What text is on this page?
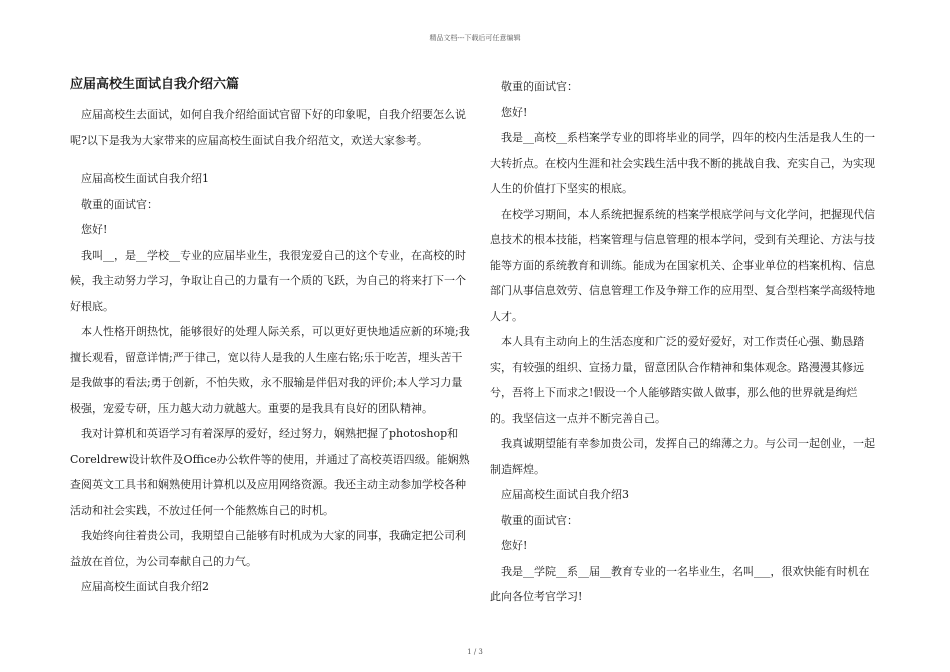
精品文档---下载后可任意编辑
应届高校生面试自我介绍六篇

应届高校生去面试，如何自我介绍给面试官留下好的印象呢，自我介绍要怎么说呢?以下是我为大家带来的应届高校生面试自我介绍范文，欢送大家参考。

应届高校生面试自我介绍1

敬重的面试官：

您好!

我叫__，是__学校__专业的应届毕业生，我很宠爱自己的这个专业，在高校的时候，我主动努力学习，争取让自己的力量有一个质的飞跃，为自己的将来打下一个好根底。

本人性格开朗热忱，能够很好的处理人际关系，可以更好更快地适应新的环境;我擅长观看，留意详情;严于律己，宽以待人是我的人生座右铭;乐于吃苦，埋头苦干是我做事的看法;勇于创新，不怕失败，永不服输是伴侣对我的评价;本人学习力量极强，宠爱专研，压力越大动力就越大。重要的是我具有良好的团队精神。

我对计算机和英语学习有着深厚的爱好，经过努力，娴熟把握了photoshop和Coreldrew设计软件及Office办公软件等的使用，并通过了高校英语四级。能娴熟查阅英文工具书和娴熟使用计算机以及应用网络资源。我还主动主动参加学校各种活动和社会实践，不放过任何一个能熬炼自己的时机。

我始终向往着贵公司，我期望自己能够有时机成为大家的同事，我确定把公司利益放在首位，为公司奉献自己的力气。

应届高校生面试自我介绍2

敬重的面试官：

您好!

我是__高校__系档案学专业的即将毕业的同学，四年的校内生活是我人生的一大转折点。在校内生涯和社会实践生活中我不断的挑战自我、充实自己，为实现人生的价值打下坚实的根底。

在校学习期间，本人系统把握系统的档案学根底学问与文化学问，把握现代信息技术的根本技能，档案管理与信息管理的根本学问，受到有关理论、方法与技能等方面的系统教育和训练。能成为在国家机关、企事业单位的档案机构、信息部门从事信息效劳、信息管理工作及争辩工作的应用型、复合型档案学高级特地人才。

本人具有主动向上的生活态度和广泛的爱好爱好，对工作责任心强、勤恳踏实，有较强的组织、宣扬力量，留意团队合作精神和集体观念。路漫漫其修远兮，吾将上下而求之!假设一个人能够踏实做人做事，那么他的世界就是绚烂的。我坚信这一点并不断完善自己。

我真诚期望能有幸参加贵公司，发挥自己的绵薄之力。与公司一起创业，一起制造辉煌。

应届高校生面试自我介绍3

敬重的面试官：

您好!

我是__学院__系__届__教育专业的一名毕业生，名叫___，很欢快能有时机在此向各位考官学习!

1 / 3
